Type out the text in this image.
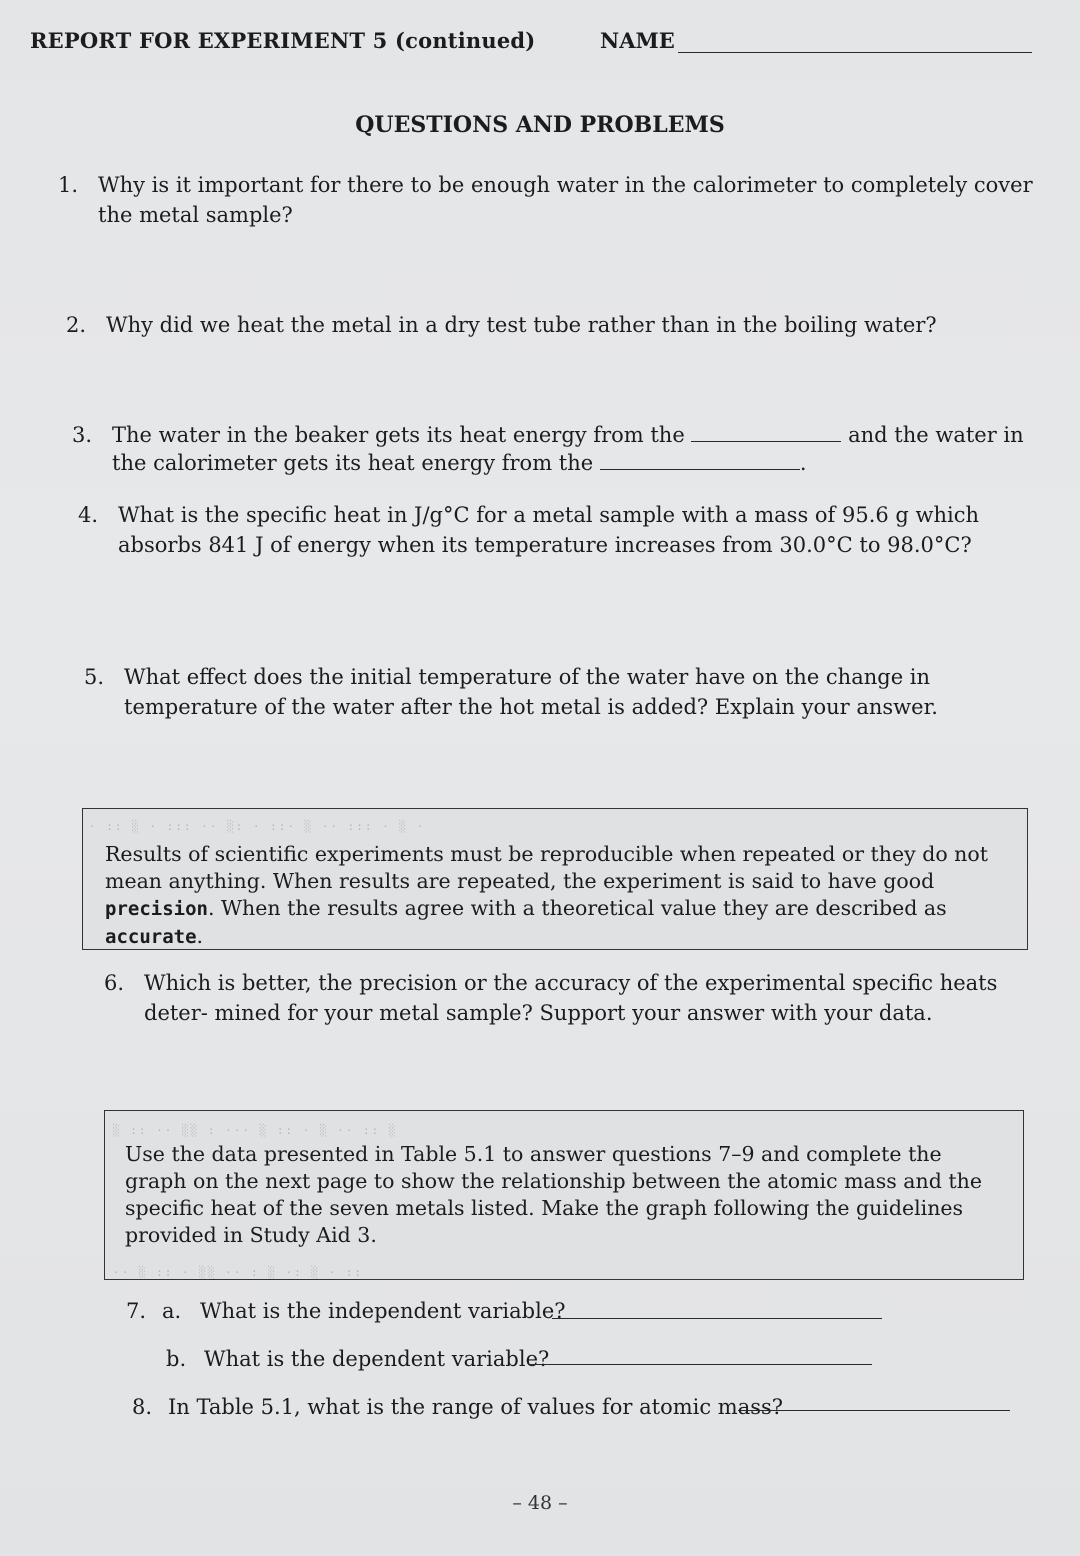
REPORT FOR EXPERIMENT 5 (continued)	NAME
QUESTIONS AND PROBLEMS
1. Why is it important for there to be enough water in the calorimeter to completely cover the metal sample?
2. Why did we heat the metal in a dry test tube rather than in the boiling water?
3. The water in the beaker gets its heat energy from the	and the water in
the calorimeter gets its heat energy from the	.
4. What is the specific heat in J/g°C for a metal sample with a mass of 95.6 g which absorbs 841 J of energy when its temperature increases from 30.0°C to 98.0°C?
5. What effect does the initial temperature of the water have on the change in temperature of the water after the hot metal is added? Explain your answer.
· :: ░ · ::: ·· ░: · ::· ░ ·· ::: · ░ ·
Results of scientific experiments must be reproducible when repeated or they do not mean anything. When results are repeated, the experiment is said to have good precision. When the results agree with a theoretical value they are described as accurate.
6. Which is better, the precision or the accuracy of the experimental specific heats deter- mined for your metal sample? Support your answer with your data.
░ :: ·· ░░ : ··· ░ :: · ░ ·· :: ░
Use the data presented in Table 5.1 to answer questions 7–9 and complete the graph on the next page to show the relationship between the atomic mass and the specific heat of the seven metals listed. Make the graph following the guidelines provided in Study Aid 3.
·· ░ :: · ░░ ·· : ░ ·: ░ · ::
7. a. What is the independent variable?
b. What is the dependent variable?
8. In Table 5.1, what is the range of values for atomic mass?
– 48 –
